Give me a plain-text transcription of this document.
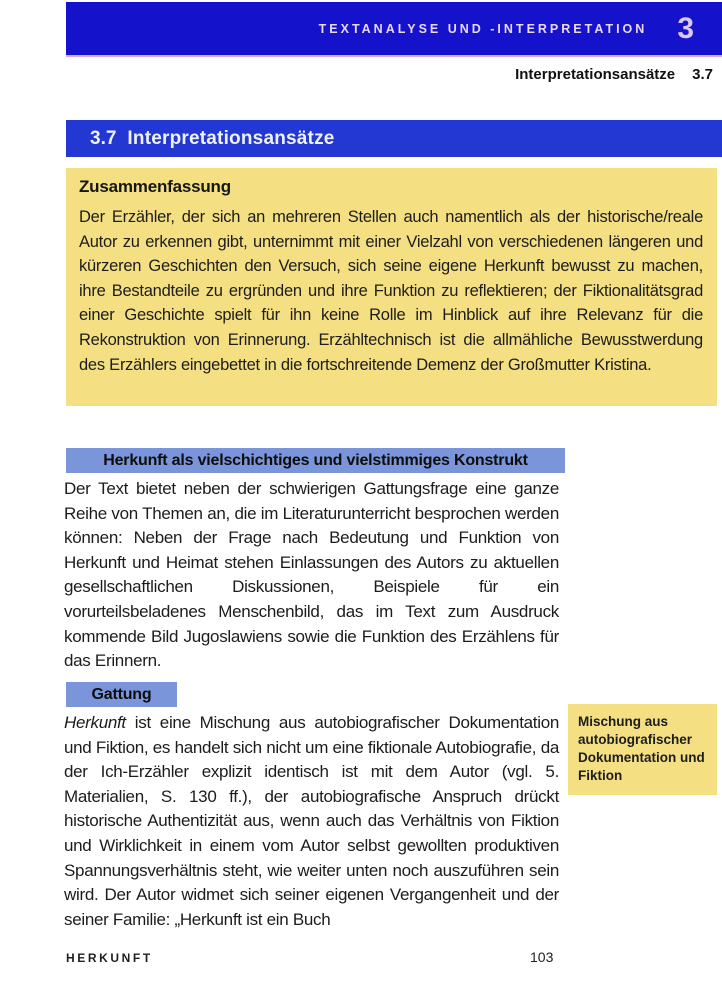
TEXTANALYSE UND -INTERPRETATION 3
Interpretationsansätze 3.7
3.7 Interpretationsansätze
Zusammenfassung
Der Erzähler, der sich an mehreren Stellen auch namentlich als der historische/reale Autor zu erkennen gibt, unternimmt mit einer Vielzahl von verschiedenen längeren und kürzeren Geschichten den Versuch, sich seine eigene Herkunft bewusst zu machen, ihre Bestandteile zu ergründen und ihre Funktion zu reflektieren; der Fiktionalitätsgrad einer Geschichte spielt für ihn keine Rolle im Hinblick auf ihre Relevanz für die Rekonstruktion von Erinnerung. Erzähltechnisch ist die allmähliche Bewusstwerdung des Erzählers eingebettet in die fortschreitende Demenz der Großmutter Kristina.
Herkunft als vielschichtiges und vielstimmiges Konstrukt
Der Text bietet neben der schwierigen Gattungsfrage eine ganze Reihe von Themen an, die im Literaturunterricht besprochen werden können: Neben der Frage nach Bedeutung und Funktion von Herkunft und Heimat stehen Einlassungen des Autors zu aktuellen gesellschaftlichen Diskussionen, Beispiele für ein vorurteilsbeladenes Menschenbild, das im Text zum Ausdruck kommende Bild Jugoslawiens sowie die Funktion des Erzählens für das Erinnern.
Gattung
Herkunft ist eine Mischung aus autobiografischer Dokumentation und Fiktion, es handelt sich nicht um eine fiktionale Autobiografie, da der Ich-Erzähler explizit identisch ist mit dem Autor (vgl. 5. Materialien, S. 130 ff.), der autobiografische Anspruch drückt historische Authentizität aus, wenn auch das Verhältnis von Fiktion und Wirklichkeit in einem vom Autor selbst gewollten produktiven Spannungsverhältnis steht, wie weiter unten noch auszuführen sein wird. Der Autor widmet sich seiner eigenen Vergangenheit und der seiner Familie: „Herkunft ist ein Buch
Mischung aus autobiografischer Dokumentation und Fiktion
HERKUNFT	103
